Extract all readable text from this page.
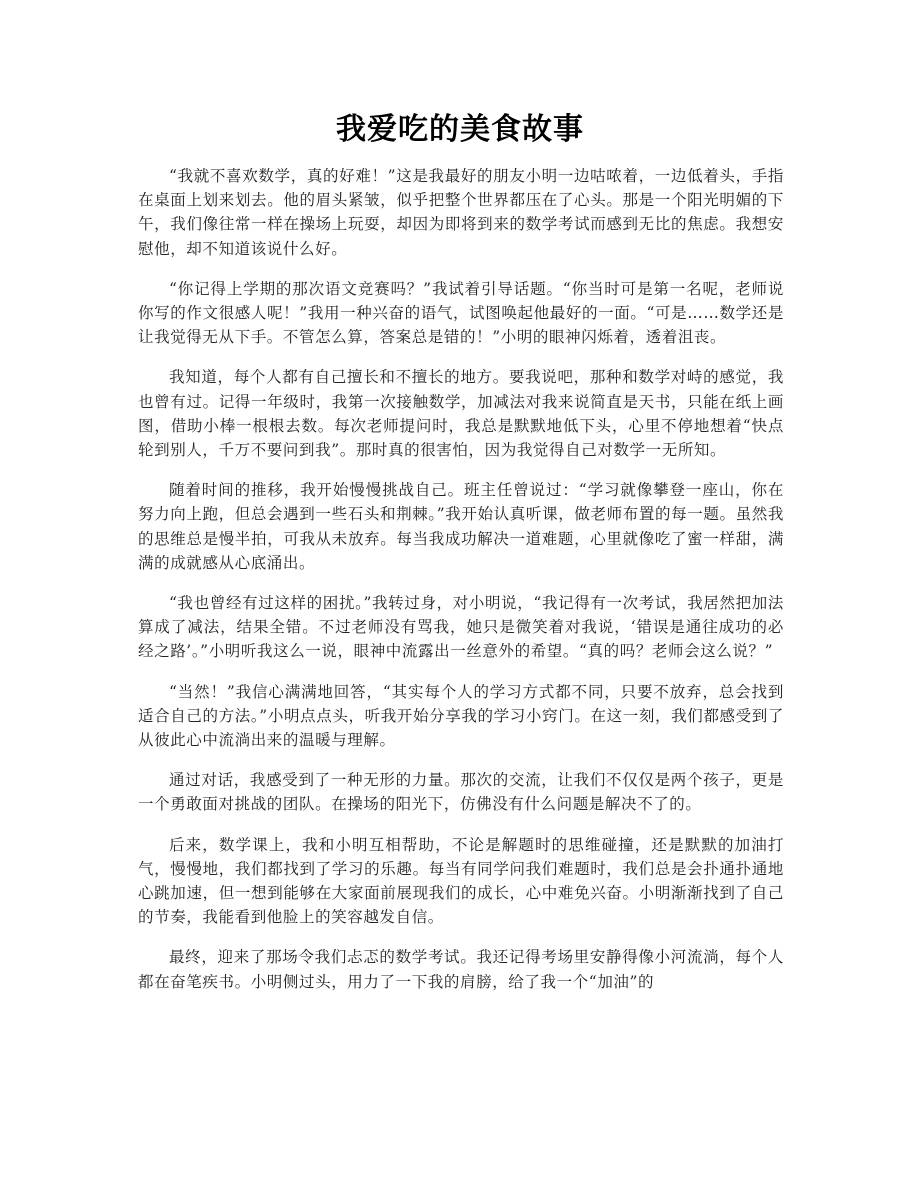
我爱吃的美食故事

“我就不喜欢数学，真的好难！”这是我最好的朋友小明一边咕哝着，一边低着头，手指在桌面上划来划去。他的眉头紧皱，似乎把整个世界都压在了心头。那是一个阳光明媚的下午，我们像往常一样在操场上玩耍，却因为即将到来的数学考试而感到无比的焦虑。我想安慰他，却不知道该说什么好。

“你记得上学期的那次语文竞赛吗？”我试着引导话题。“你当时可是第一名呢，老师说你写的作文很感人呢！”我用一种兴奋的语气，试图唤起他最好的一面。“可是……数学还是让我觉得无从下手。不管怎么算，答案总是错的！”小明的眼神闪烁着，透着沮丧。

我知道，每个人都有自己擅长和不擅长的地方。要我说吧，那种和数学对峙的感觉，我也曾有过。记得一年级时，我第一次接触数学，加减法对我来说简直是天书，只能在纸上画图，借助小棒一根根去数。每次老师提问时，我总是默默地低下头，心里不停地想着“快点轮到别人，千万不要问到我”。那时真的很害怕，因为我觉得自己对数学一无所知。

随着时间的推移，我开始慢慢挑战自己。班主任曾说过：“学习就像攀登一座山，你在努力向上跑，但总会遇到一些石头和荆棘。”我开始认真听课，做老师布置的每一题。虽然我的思维总是慢半拍，可我从未放弃。每当我成功解决一道难题，心里就像吃了蜜一样甜，满满的成就感从心底涌出。

“我也曾经有过这样的困扰。”我转过身，对小明说，“我记得有一次考试，我居然把加法算成了减法，结果全错。不过老师没有骂我，她只是微笑着对我说，‘错误是通往成功的必经之路’。”小明听我这么一说，眼神中流露出一丝意外的希望。“真的吗？老师会这么说？”

“当然！”我信心满满地回答，“其实每个人的学习方式都不同，只要不放弃，总会找到适合自己的方法。”小明点点头，听我开始分享我的学习小窍门。在这一刻，我们都感受到了从彼此心中流淌出来的温暖与理解。

通过对话，我感受到了一种无形的力量。那次的交流，让我们不仅仅是两个孩子，更是一个勇敢面对挑战的团队。在操场的阳光下，仿佛没有什么问题是解决不了的。

后来，数学课上，我和小明互相帮助，不论是解题时的思维碰撞，还是默默的加油打气，慢慢地，我们都找到了学习的乐趣。每当有同学问我们难题时，我们总是会扑通扑通地心跳加速，但一想到能够在大家面前展现我们的成长，心中难免兴奋。小明渐渐找到了自己的节奏，我能看到他脸上的笑容越发自信。

最终，迎来了那场令我们忐忑的数学考试。我还记得考场里安静得像小河流淌，每个人都在奋笔疾书。小明侧过头，用力了一下我的肩膀，给了我一个“加油”的
